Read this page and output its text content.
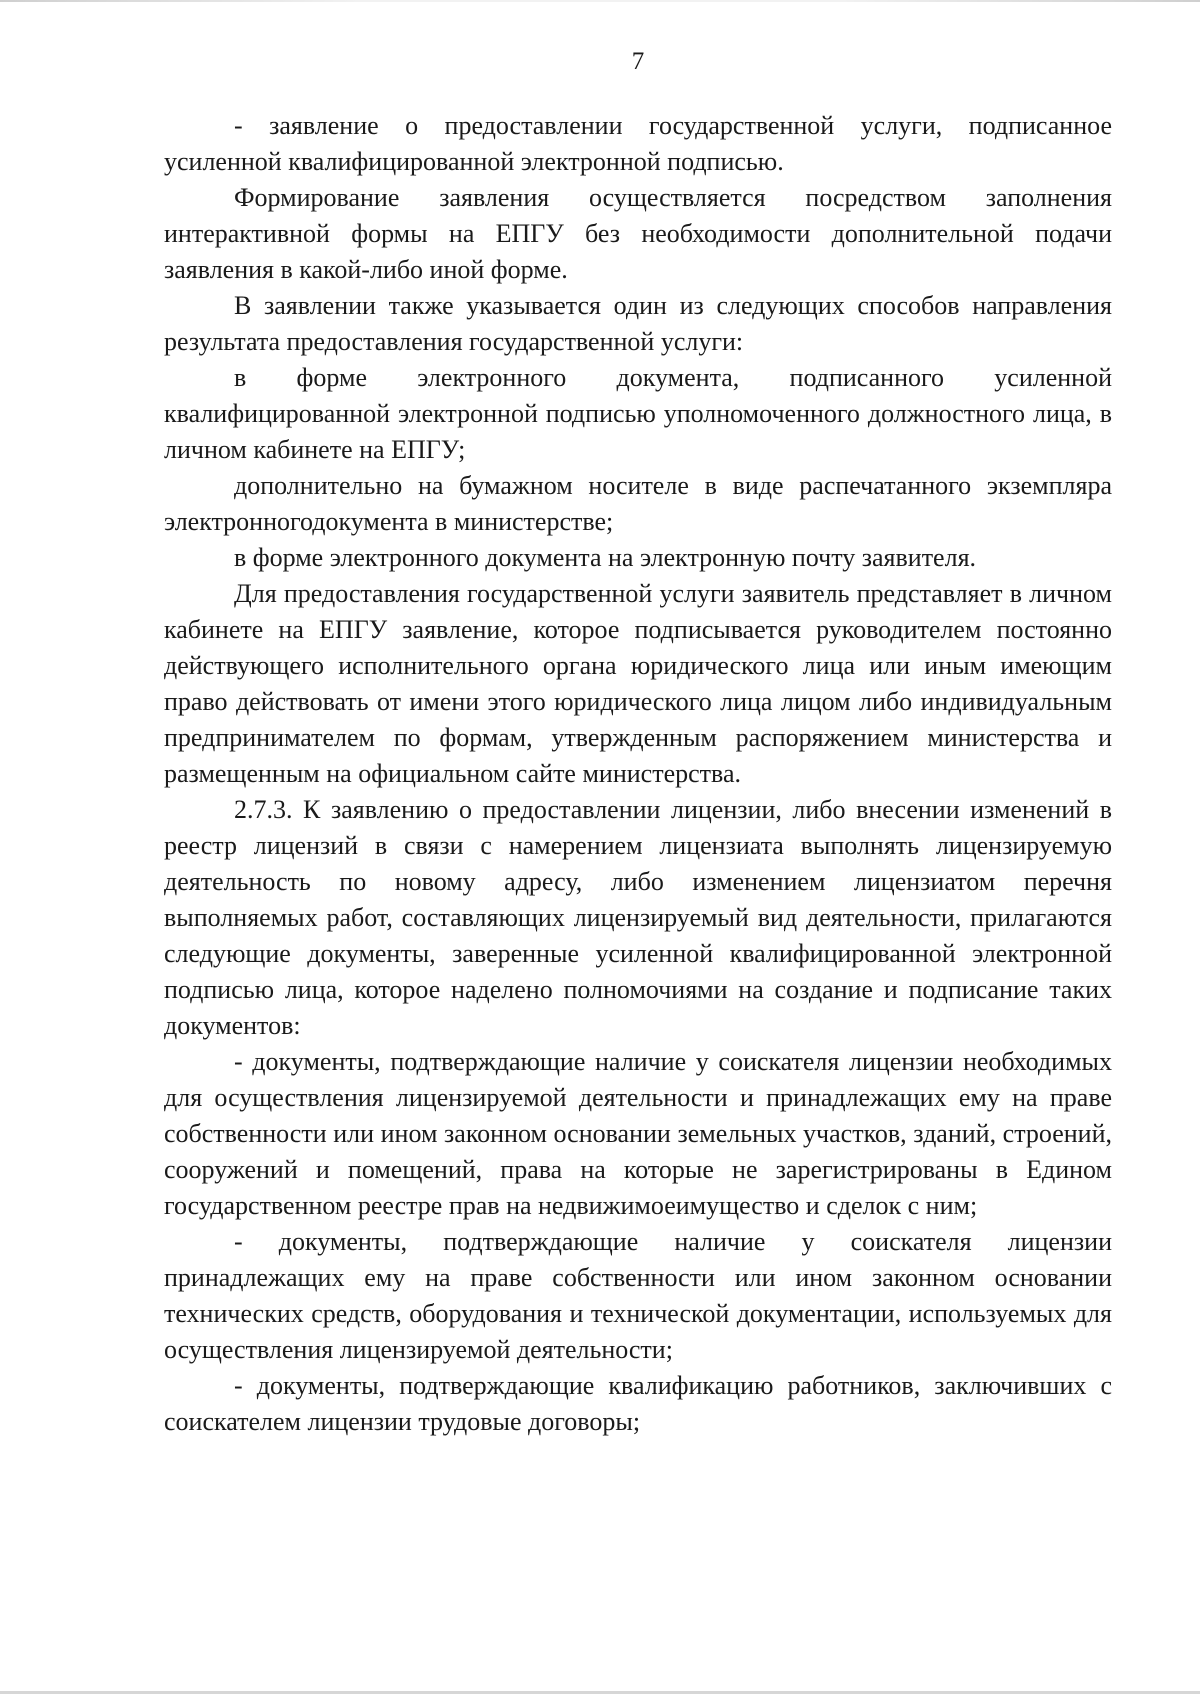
7

- заявление о предоставлении государственной услуги, подписанное усиленной квалифицированной электронной подписью.

Формирование заявления осуществляется посредством заполнения интерактивной формы на ЕПГУ без необходимости дополнительной подачи заявления в какой-либо иной форме.

В заявлении также указывается один из следующих способов направления результата предоставления государственной услуги:

в форме электронного документа, подписанного усиленной квалифицированной электронной подписью уполномоченного должностного лица, в личном кабинете на ЕПГУ;

дополнительно на бумажном носителе в виде распечатанного экземпляра электронногодокумента в министерстве;

в форме электронного документа на электронную почту заявителя.

Для предоставления государственной услуги заявитель представляет в личном кабинете на ЕПГУ заявление, которое подписывается руководителем постоянно действующего исполнительного органа юридического лица или иным имеющим право действовать от имени этого юридического лица лицом либо индивидуальным предпринимателем по формам, утвержденным распоряжением министерства и размещенным на официальном сайте министерства.

2.7.3. К заявлению о предоставлении лицензии, либо внесении изменений в реестр лицензий в связи с намерением лицензиата выполнять лицензируемую деятельность по новому адресу, либо изменением лицензиатом перечня выполняемых работ, составляющих лицензируемый вид деятельности, прилагаются следующие документы, заверенные усиленной квалифицированной электронной подписью лица, которое наделено полномочиями на создание и подписание таких документов:

- документы, подтверждающие наличие у соискателя лицензии необходимых для осуществления лицензируемой деятельности и принадлежащих ему на праве собственности или ином законном основании земельных участков, зданий, строений, сооружений и помещений, права на которые не зарегистрированы в Едином государственном реестре прав на недвижимоеимущество и сделок с ним;

- документы, подтверждающие наличие у соискателя лицензии принадлежащих ему на праве собственности или ином законном основании технических средств, оборудования и технической документации, используемых для осуществления лицензируемой деятельности;

- документы, подтверждающие квалификацию работников, заключивших с соискателем лицензии трудовые договоры;
